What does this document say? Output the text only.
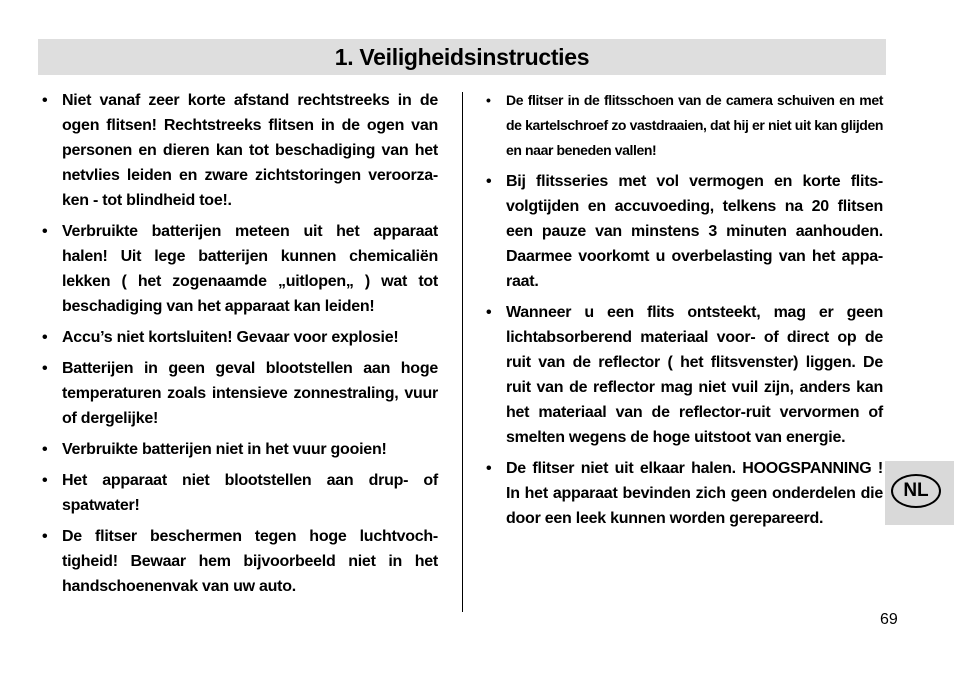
1. Veiligheidsinstructies
• Niet vanaf zeer korte afstand rechtstreeks in de ogen flitsen! Rechtstreeks flitsen in de ogen van personen en dieren kan tot beschadiging van het netvlies leiden en zware zichtstoringen veroorza-ken - tot blindheid toe!.
• Verbruikte batterijen meteen uit het apparaat halen! Uit lege batterijen kunnen chemicaliën lekken ( het zogenaamde „uitlopen„ ) wat tot beschadiging van het apparaat kan leiden!
• Accu’s niet kortsluiten! Gevaar voor explosie!
• Batterijen in geen geval blootstellen aan hoge temperaturen zoals intensieve zonnestraling, vuur of dergelijke!
• Verbruikte batterijen niet in het vuur gooien!
• Het apparaat niet blootstellen aan drup- of spatwater!
• De flitser beschermen tegen hoge luchtvoch-tigheid! Bewaar hem bijvoorbeeld niet in het handschoenenvak van uw auto.
• De flitser in de flitsschoen van de camera schuiven en met de kartelschroef zo vastdraaien, dat hij er niet uit kan glijden en naar beneden vallen!
• Bij flitsseries met vol vermogen en korte flits-volgtijden en accuvoeding, telkens na 20 flitsen een pauze van minstens 3 minuten aanhouden. Daarmee voorkomt u overbelasting van het appa-raat.
• Wanneer u een flits ontsteekt, mag er geen lichtabsorberend materiaal voor- of direct op de ruit van de reflector ( het flitsvenster) liggen. De ruit van de reflector mag niet vuil zijn, anders kan het materiaal van de reflector-ruit vervormen of smelten wegens de hoge uitstoot van energie.
• De flitser niet uit elkaar halen. HOOGSPANNING ! In het apparaat bevinden zich geen onderdelen die door een leek kunnen worden gerepareerd.
NL
69
